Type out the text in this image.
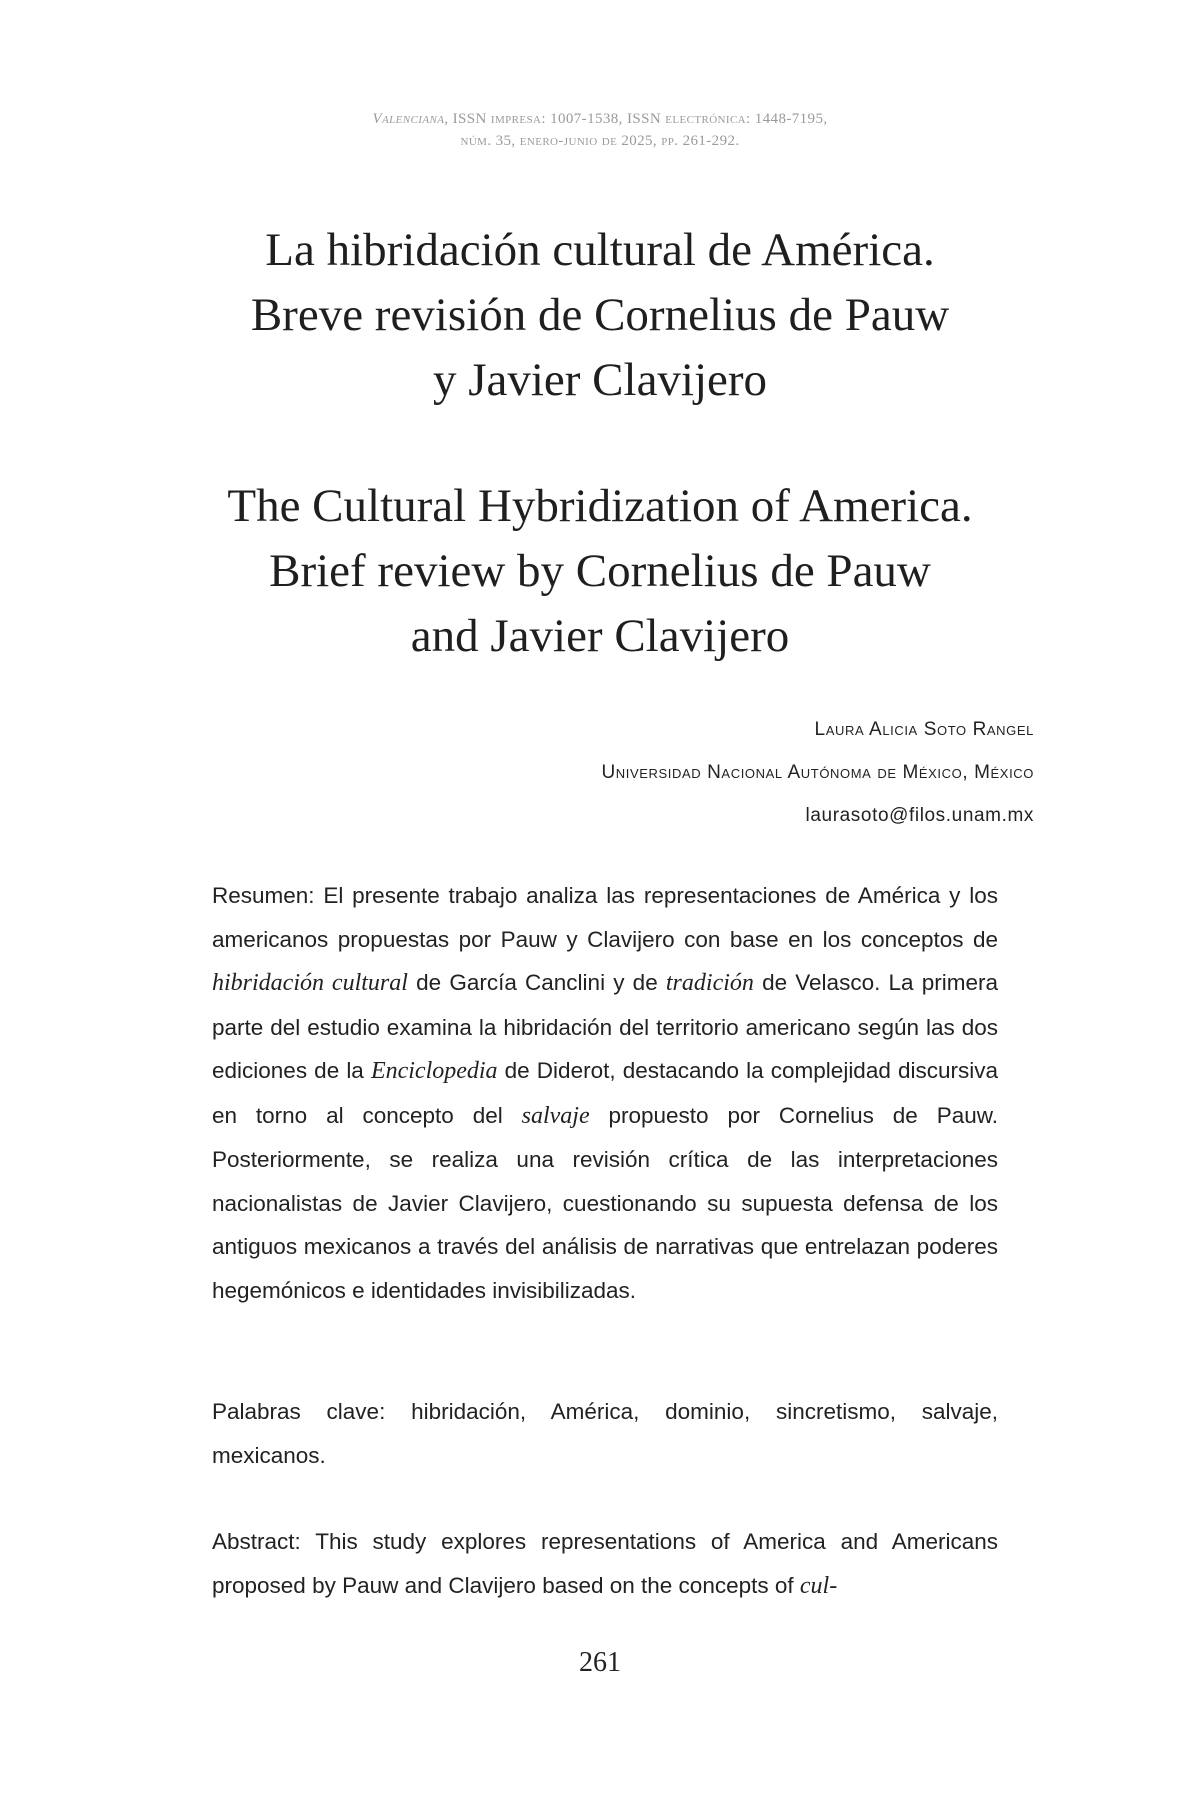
Valenciana, ISSN impresa: 1007-1538, ISSN electrónica: 1448-7195,
núm. 35, enero-junio de 2025, pp. 261-292.
La hibridación cultural de América.
Breve revisión de Cornelius de Pauw
y Javier Clavijero
The Cultural Hybridization of America.
Brief review by Cornelius de Pauw
and Javier Clavijero
Laura Alicia Soto Rangel
Universidad Nacional Autónoma de México, México
laurasoto@filos.unam.mx
Resumen: El presente trabajo analiza las representaciones de América y los americanos propuestas por Pauw y Clavijero con base en los conceptos de hibridación cultural de García Canclini y de tradición de Velasco. La primera parte del estudio examina la hibridación del territorio americano según las dos ediciones de la Enciclopedia de Diderot, destacando la complejidad discursiva en torno al concepto del salvaje propuesto por Cornelius de Pauw. Posteriormente, se realiza una revisión crítica de las interpretaciones nacionalistas de Javier Clavijero, cuestionando su supuesta defensa de los antiguos mexicanos a través del análisis de narrativas que entrelazan poderes hegemónicos e identidades invisibilizadas.
Palabras clave: hibridación, América, dominio, sincretismo, salvaje, mexicanos.
Abstract: This study explores representations of America and Americans proposed by Pauw and Clavijero based on the concepts of cul-
261
